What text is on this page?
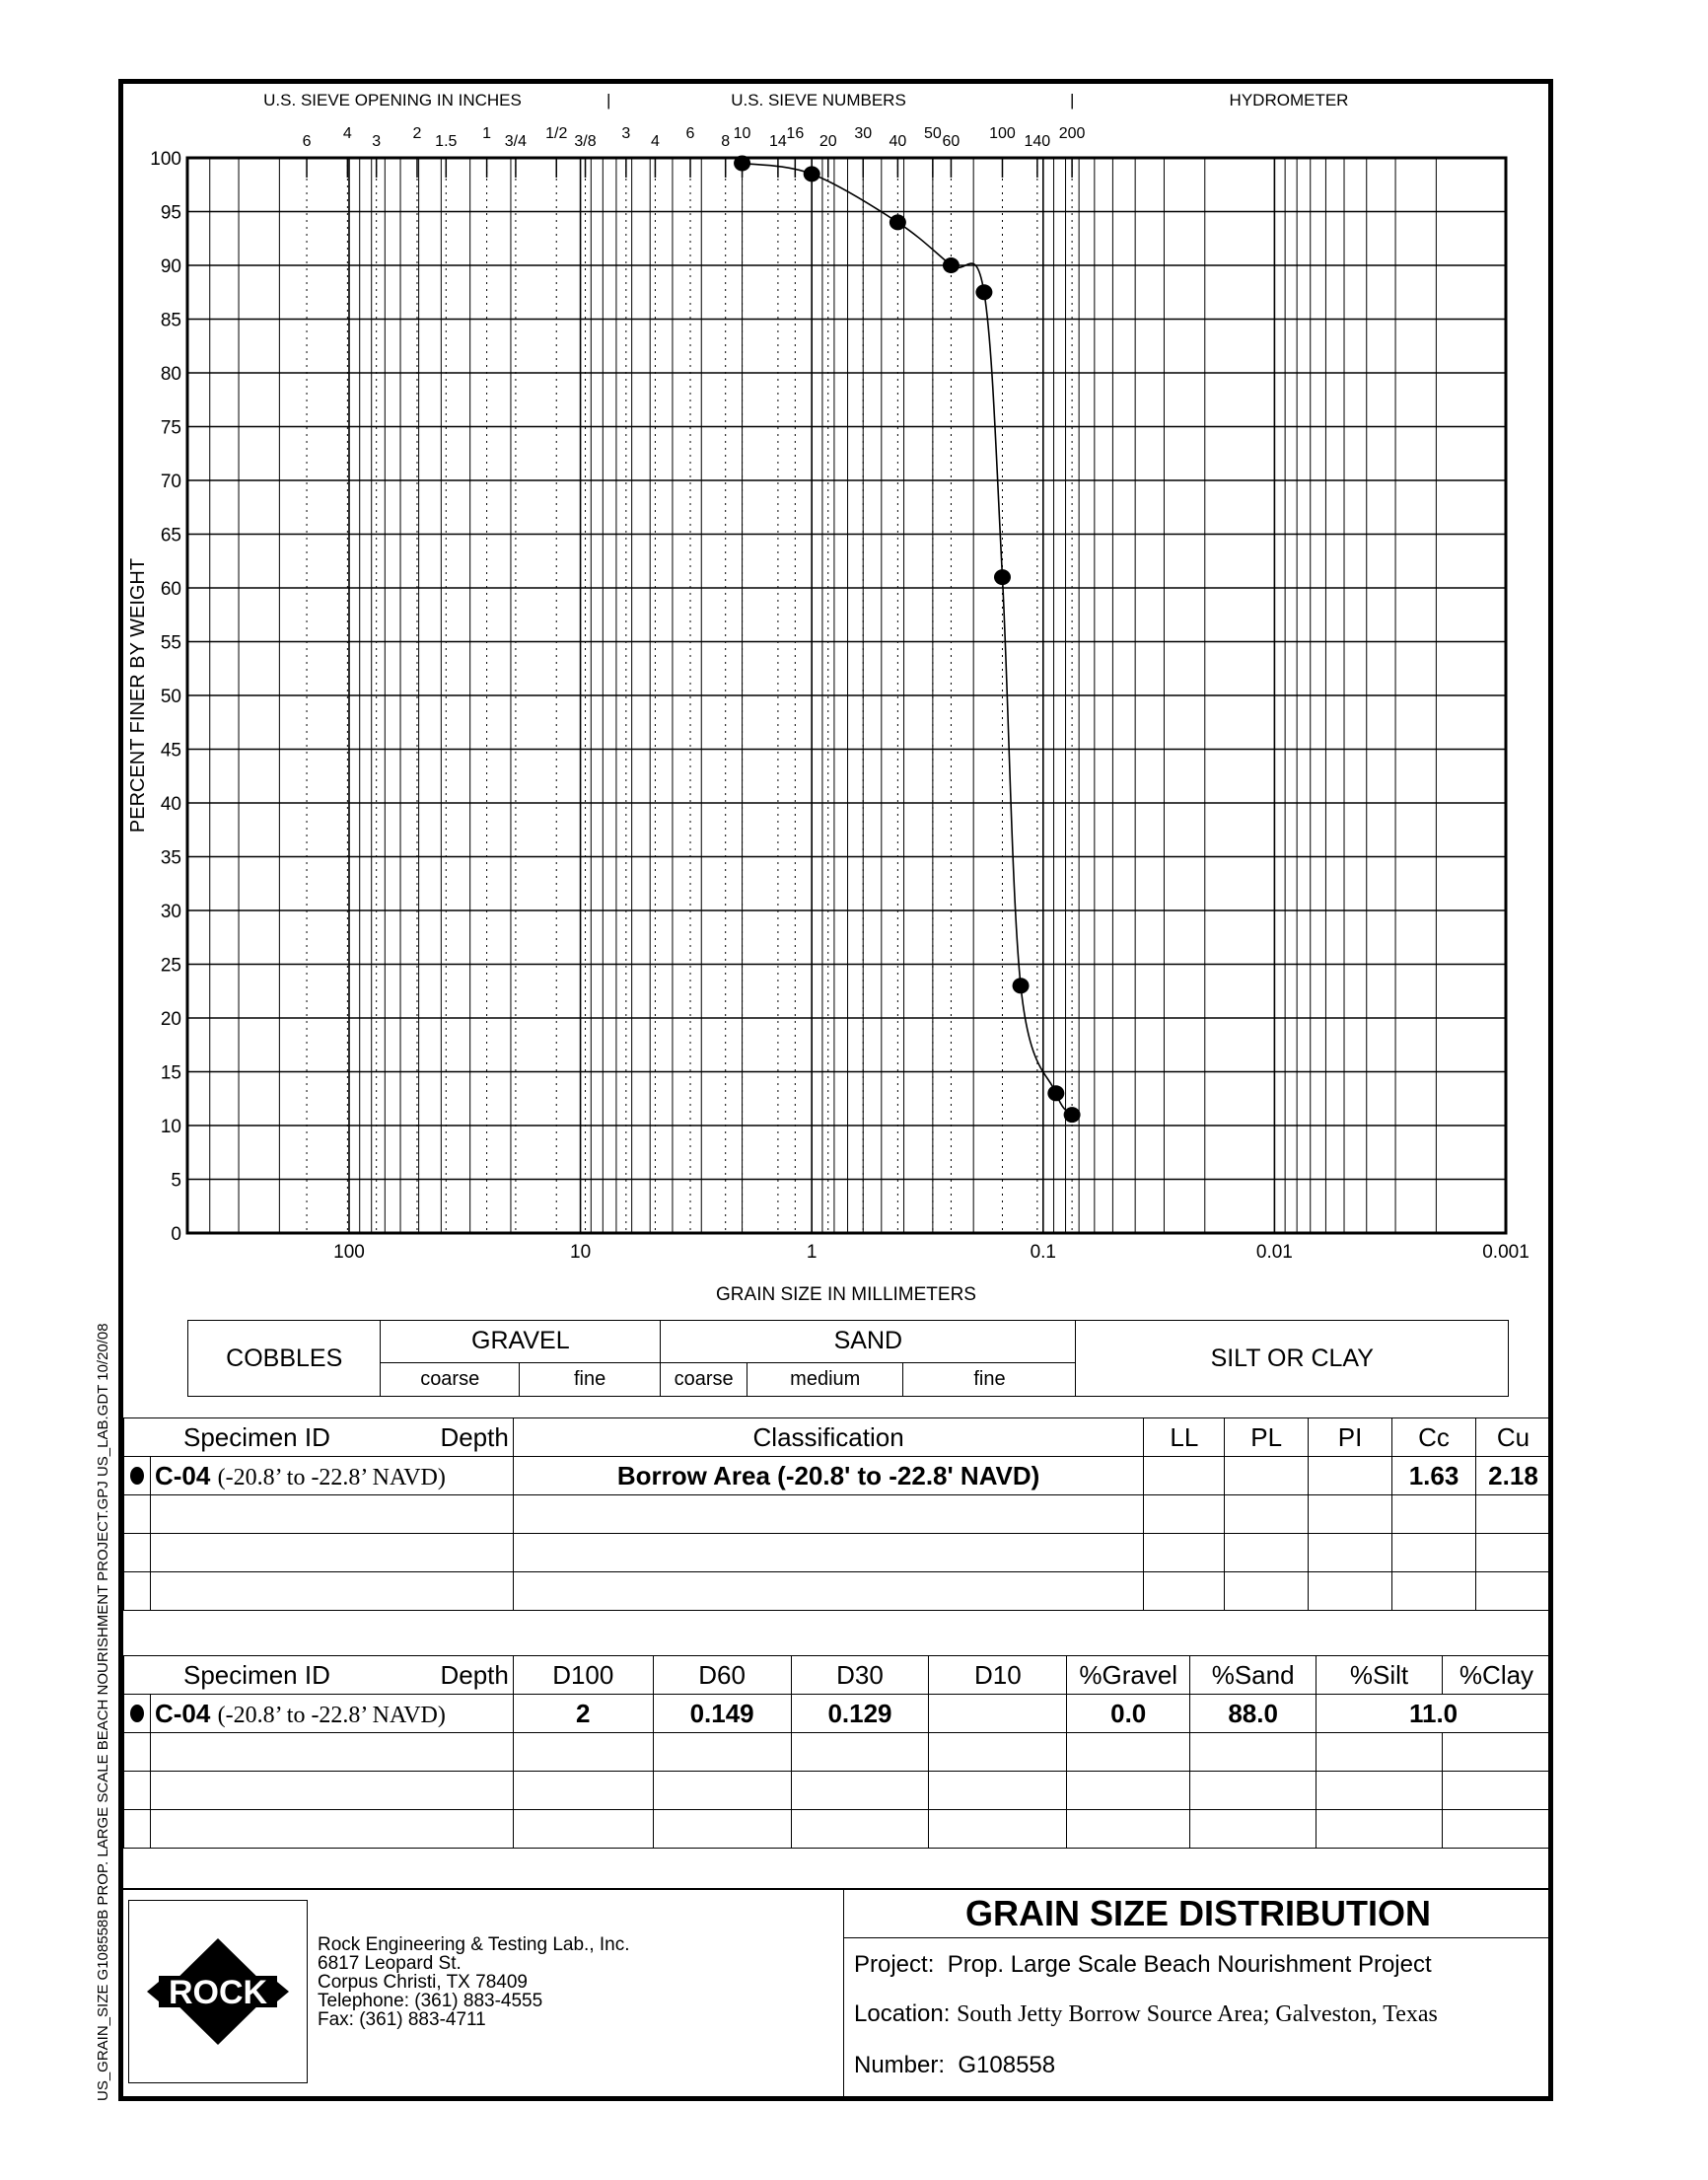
US_GRAIN_SIZE G108558B PROP. LARGE SCALE BEACH NOURISHMENT PROJECT.GPJ US_LAB.GDT 10/20/08
6 4 3 2 1.5 1 3/4 1/2 3/8 3 4 6 8 10 14 16 20 30 40 50 60 100 140 200
0
5
10
15
20
25
30
35
40
45
50
55
60
65
70
75
80
85
90
95
100
100	10	1	0.1	0.01	0.001
U.S. SIEVE OPENING IN INCHES	|	U.S. SIEVE NUMBERS	|	HYDROMETER
PERCENT FINER BY WEIGHT
GRAIN SIZE IN MILLIMETERS
COBBLES	GRAVEL		SAND			SILT OR CLAY
	coarse	fine	coarse	medium	fine	
Specimen ID Depth		Classification	LL	PL	PI	Cc	Cu
	C-04 (-20.8’ to -22.8’ NAVD)	Borrow Area (-20.8' to -22.8' NAVD)				1.63	2.18

Specimen ID Depth		D100	D60	D30	D10	%Gravel	%Sand	%Silt	%Clay
	C-04 (-20.8’ to -22.8’ NAVD)	2	0.149	0.129		0.0	88.0	11.0	

ROCK
Rock Engineering & Testing Lab., Inc.
6817 Leopard St.
Corpus Christi, TX 78409
Telephone: (361) 883-4555
Fax: (361) 883-4711
GRAIN SIZE DISTRIBUTION
Project: Prop. Large Scale Beach Nourishment Project
Location: South Jetty Borrow Source Area; Galveston, Texas
Number: G108558
